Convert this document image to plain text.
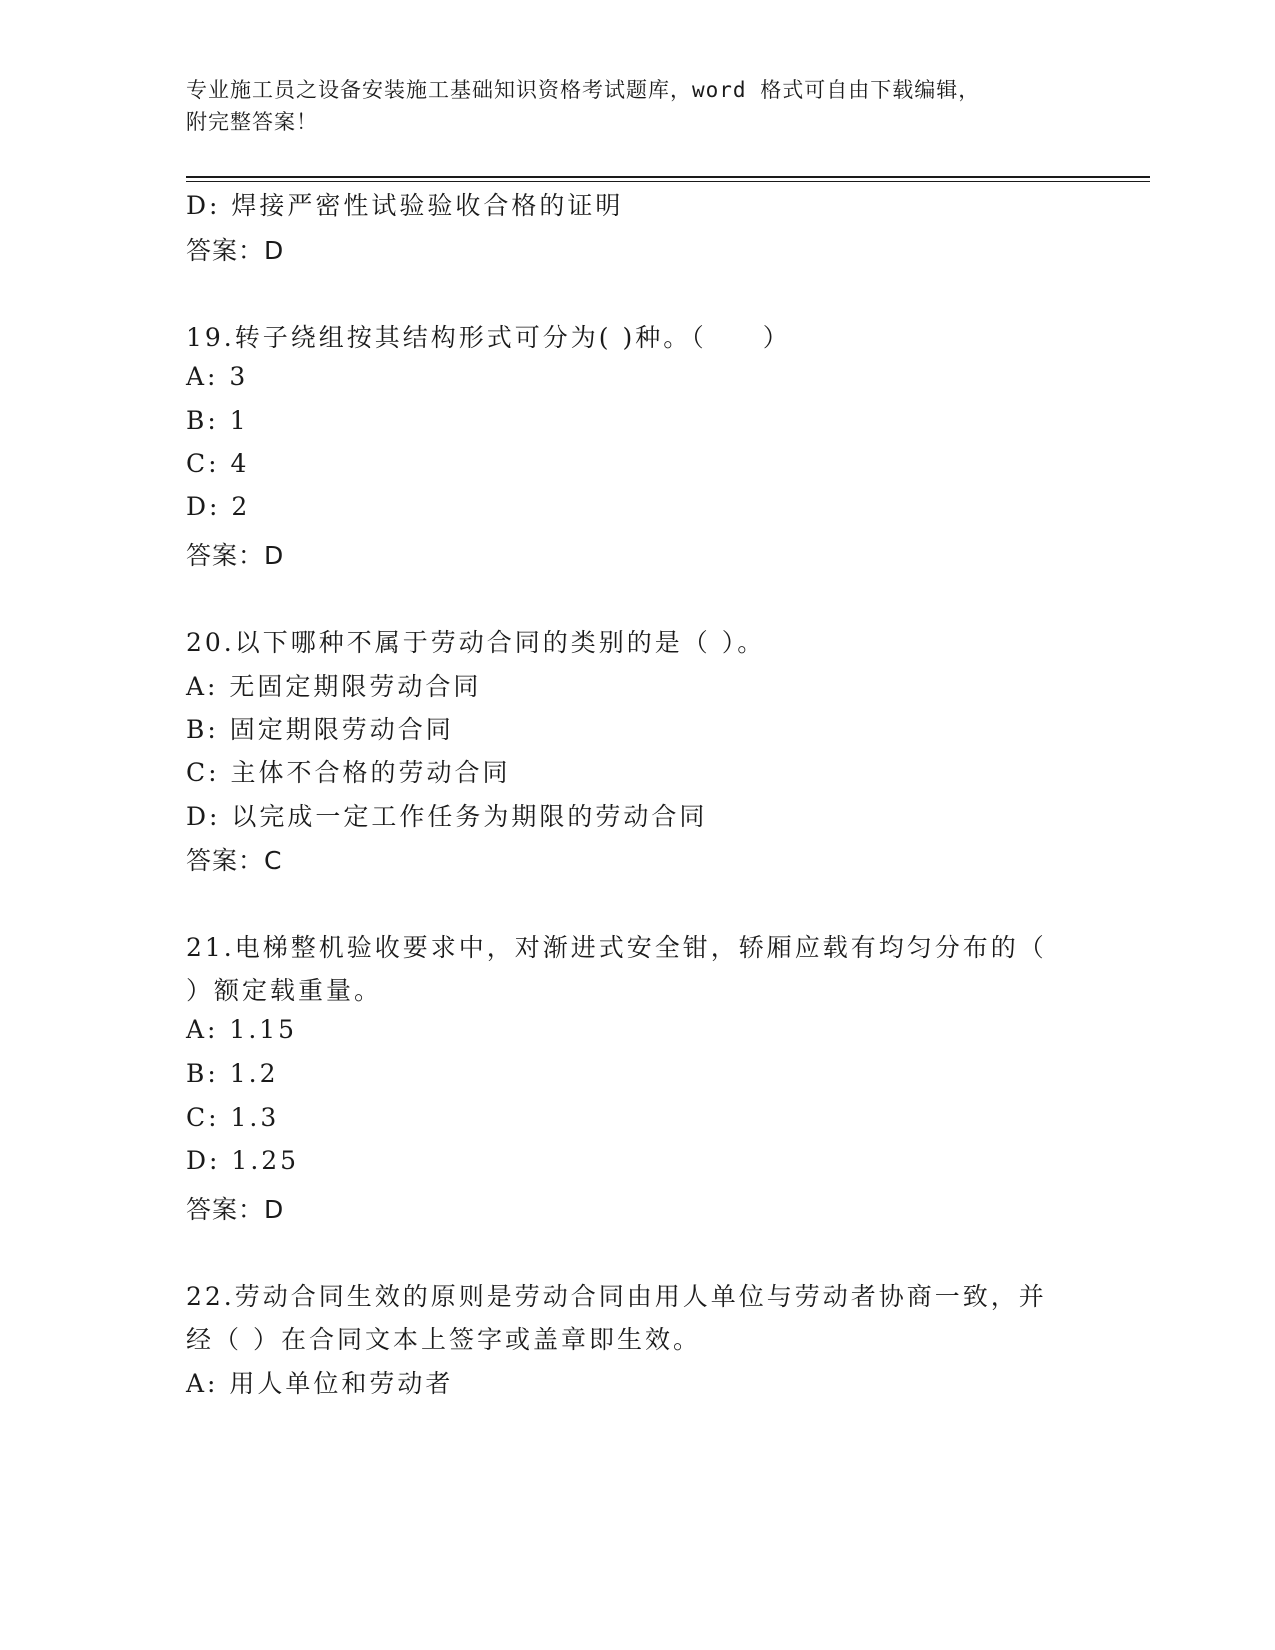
专业施工员之设备安装施工基础知识资格考试题库，word 格式可自由下载编辑，
附完整答案！
D: 焊接严密性试验验收合格的证明
答案：D
19.转子绕组按其结构形式可分为( )种。（　　）
A: 3
B: 1
C: 4
D: 2
答案：D
20.以下哪种不属于劳动合同的类别的是（ ）。
A: 无固定期限劳动合同
B: 固定期限劳动合同
C: 主体不合格的劳动合同
D: 以完成一定工作任务为期限的劳动合同
答案：C
21.电梯整机验收要求中，对渐进式安全钳，轿厢应载有均匀分布的（
）额定载重量。
A: 1.15
B: 1.2
C: 1.3
D: 1.25
答案：D
22.劳动合同生效的原则是劳动合同由用人单位与劳动者协商一致，并
经（ ）在合同文本上签字或盖章即生效。
A: 用人单位和劳动者
